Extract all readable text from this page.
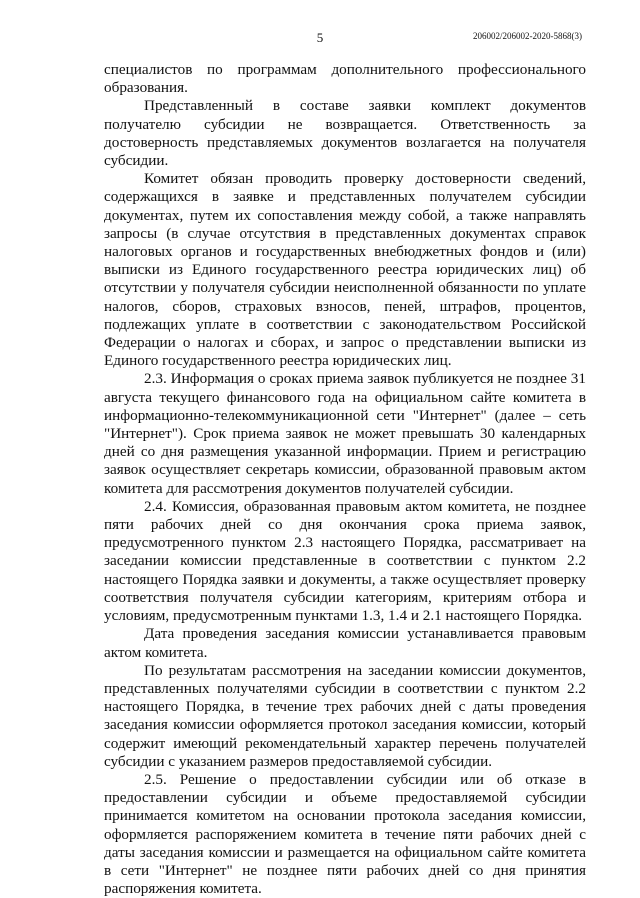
5	206002/206002-2020-5868(3)

специалистов по программам дополнительного профессионального образования.

Представленный в составе заявки комплект документов получателю субсидии не возвращается. Ответственность за достоверность представляемых документов возлагается на получателя субсидии.

Комитет обязан проводить проверку достоверности сведений, содержащихся в заявке и представленных получателем субсидии документах, путем их сопоставления между собой, а также направлять запросы (в случае отсутствия в представленных документах справок налоговых органов и государственных внебюджетных фондов и (или) выписки из Единого государственного реестра юридических лиц) об отсутствии у получателя субсидии неисполненной обязанности по уплате налогов, сборов, страховых взносов, пеней, штрафов, процентов, подлежащих уплате в соответствии с законодательством Российской Федерации о налогах и сборах, и запрос о представлении выписки из Единого государственного реестра юридических лиц.

2.3. Информация о сроках приема заявок публикуется не позднее 31 августа текущего финансового года на официальном сайте комитета в информационно-телекоммуникационной сети "Интернет" (далее – сеть "Интернет"). Срок приема заявок не может превышать 30 календарных дней со дня размещения указанной информации. Прием и регистрацию заявок осуществляет секретарь комиссии, образованной правовым актом комитета для рассмотрения документов получателей субсидии.

2.4. Комиссия, образованная правовым актом комитета, не позднее пяти рабочих дней со дня окончания срока приема заявок, предусмотренного пунктом 2.3 настоящего Порядка, рассматривает на заседании комиссии представленные в соответствии с пунктом 2.2 настоящего Порядка заявки и документы, а также осуществляет проверку соответствия получателя субсидии категориям, критериям отбора и условиям, предусмотренным пунктами 1.3, 1.4 и 2.1 настоящего Порядка.

Дата проведения заседания комиссии устанавливается правовым актом комитета.

По результатам рассмотрения на заседании комиссии документов, представленных получателями субсидии в соответствии с пунктом 2.2 настоящего Порядка, в течение трех рабочих дней с даты проведения заседания комиссии оформляется протокол заседания комиссии, который содержит имеющий рекомендательный характер перечень получателей субсидии с указанием размеров предоставляемой субсидии.

2.5. Решение о предоставлении субсидии или об отказе в предоставлении субсидии и объеме предоставляемой субсидии принимается комитетом на основании протокола заседания комиссии, оформляется распоряжением комитета в течение пяти рабочих дней с даты заседания комиссии и размещается на официальном сайте комитета в сети "Интернет" не позднее пяти рабочих дней со дня принятия распоряжения комитета.
